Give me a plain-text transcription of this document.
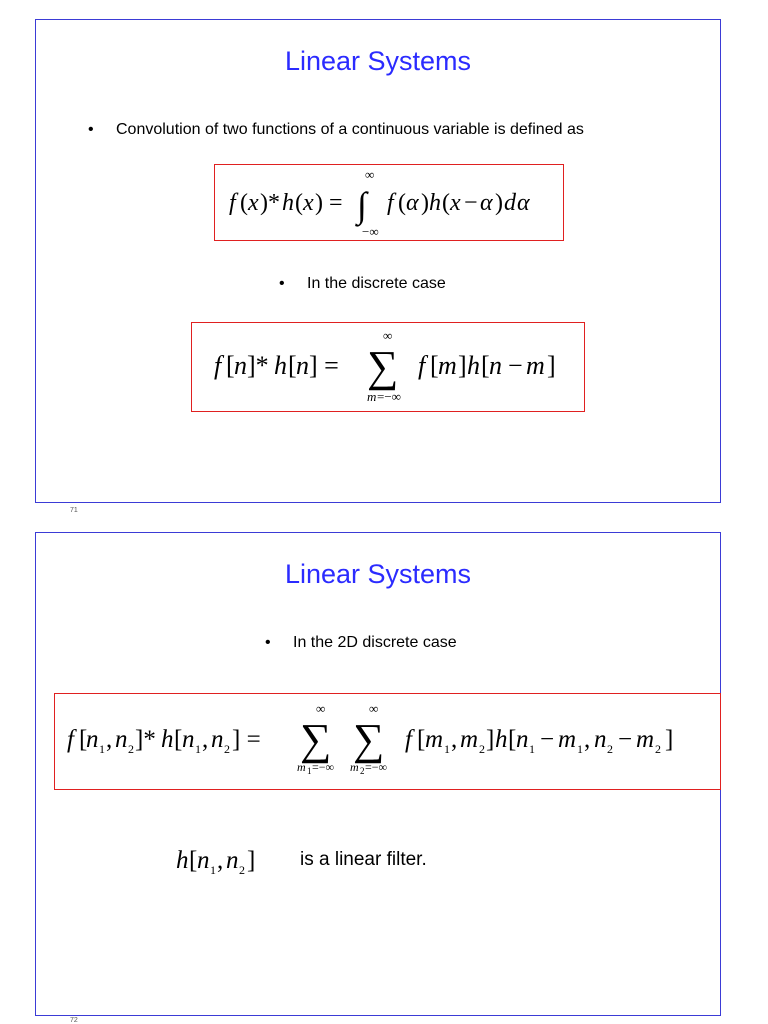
Linear Systems
• Convolution of two functions of a continuous variable is defined as
f ( x )* h ( x ) = ∫
∞
−∞
f ( α ) h ( x − α ) d α
• In the discrete case
f [ n ]* h [ n ] = ∑
∞
m =−∞
f [ m ] h [ n − m ]
71
Linear Systems
• In the 2D discrete case
f [
n 1 , n 2 ]* h [ n 1 , n 2 ] = ∑
∞
m 1 =−∞
∑
∞
m 2 =−∞
f [ m 1 , m 2 ] h [ n 1 − m 1 , n 2 − m 2 ]
h [ n 1 , n 2 ] is a linear filter.
72
